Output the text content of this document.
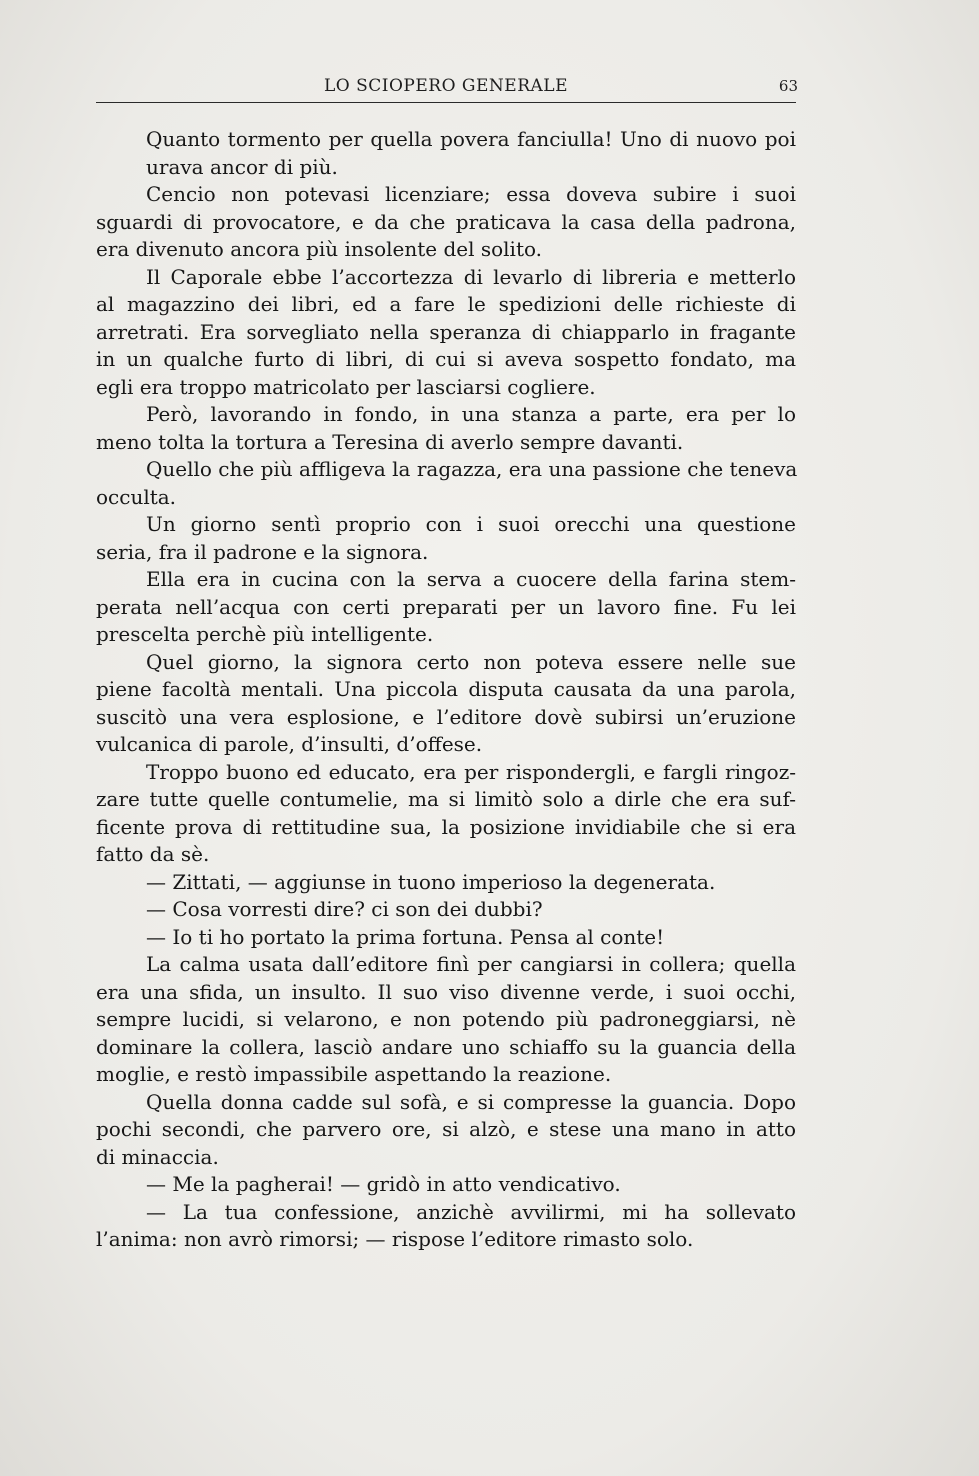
LO SCIOPERO GENERALE	63
Quanto tormento per quella povera fanciulla! Uno di nuovo poi
urava ancor di più.
Cencio non potevasi licenziare; essa doveva subire i suoi
sguardi di provocatore, e da che praticava la casa della padrona,
era divenuto ancora più insolente del solito.
Il Caporale ebbe l’accortezza di levarlo di libreria e metterlo
al magazzino dei libri, ed a fare le spedizioni delle richieste di
arretrati. Era sorvegliato nella speranza di chiapparlo in fragante
in un qualche furto di libri, di cui si aveva sospetto fondato, ma
egli era troppo matricolato per lasciarsi cogliere.
Però, lavorando in fondo, in una stanza a parte, era per lo
meno tolta la tortura a Teresina di averlo sempre davanti.
Quello che più affligeva la ragazza, era una passione che teneva
occulta.
Un giorno sentì proprio con i suoi orecchi una questione
seria, fra il padrone e la signora.
Ella era in cucina con la serva a cuocere della farina stem-
perata nell’acqua con certi preparati per un lavoro fine. Fu lei
prescelta perchè più intelligente.
Quel giorno, la signora certo non poteva essere nelle sue
piene facoltà mentali. Una piccola disputa causata da una parola,
suscitò una vera esplosione, e l’editore dovè subirsi un’eruzione
vulcanica di parole, d’insulti, d’offese.
Troppo buono ed educato, era per rispondergli, e fargli ringoz-
zare tutte quelle contumelie, ma si limitò solo a dirle che era suf-
ficente prova di rettitudine sua, la posizione invidiabile che si era
fatto da sè.
— Zittati, — aggiunse in tuono imperioso la degenerata.
— Cosa vorresti dire? ci son dei dubbi?
— Io ti ho portato la prima fortuna. Pensa al conte!
La calma usata dall’editore finì per cangiarsi in collera; quella
era una sfida, un insulto. Il suo viso divenne verde, i suoi occhi,
sempre lucidi, si velarono, e non potendo più padroneggiarsi, nè
dominare la collera, lasciò andare uno schiaffo su la guancia della
moglie, e restò impassibile aspettando la reazione.
Quella donna cadde sul sofà, e si compresse la guancia. Dopo
pochi secondi, che parvero ore, si alzò, e stese una mano in atto
di minaccia.
— Me la pagherai! — gridò in atto vendicativo.
— La tua confessione, anzichè avvilirmi, mi ha sollevato
l’anima: non avrò rimorsi; — rispose l’editore rimasto solo.
